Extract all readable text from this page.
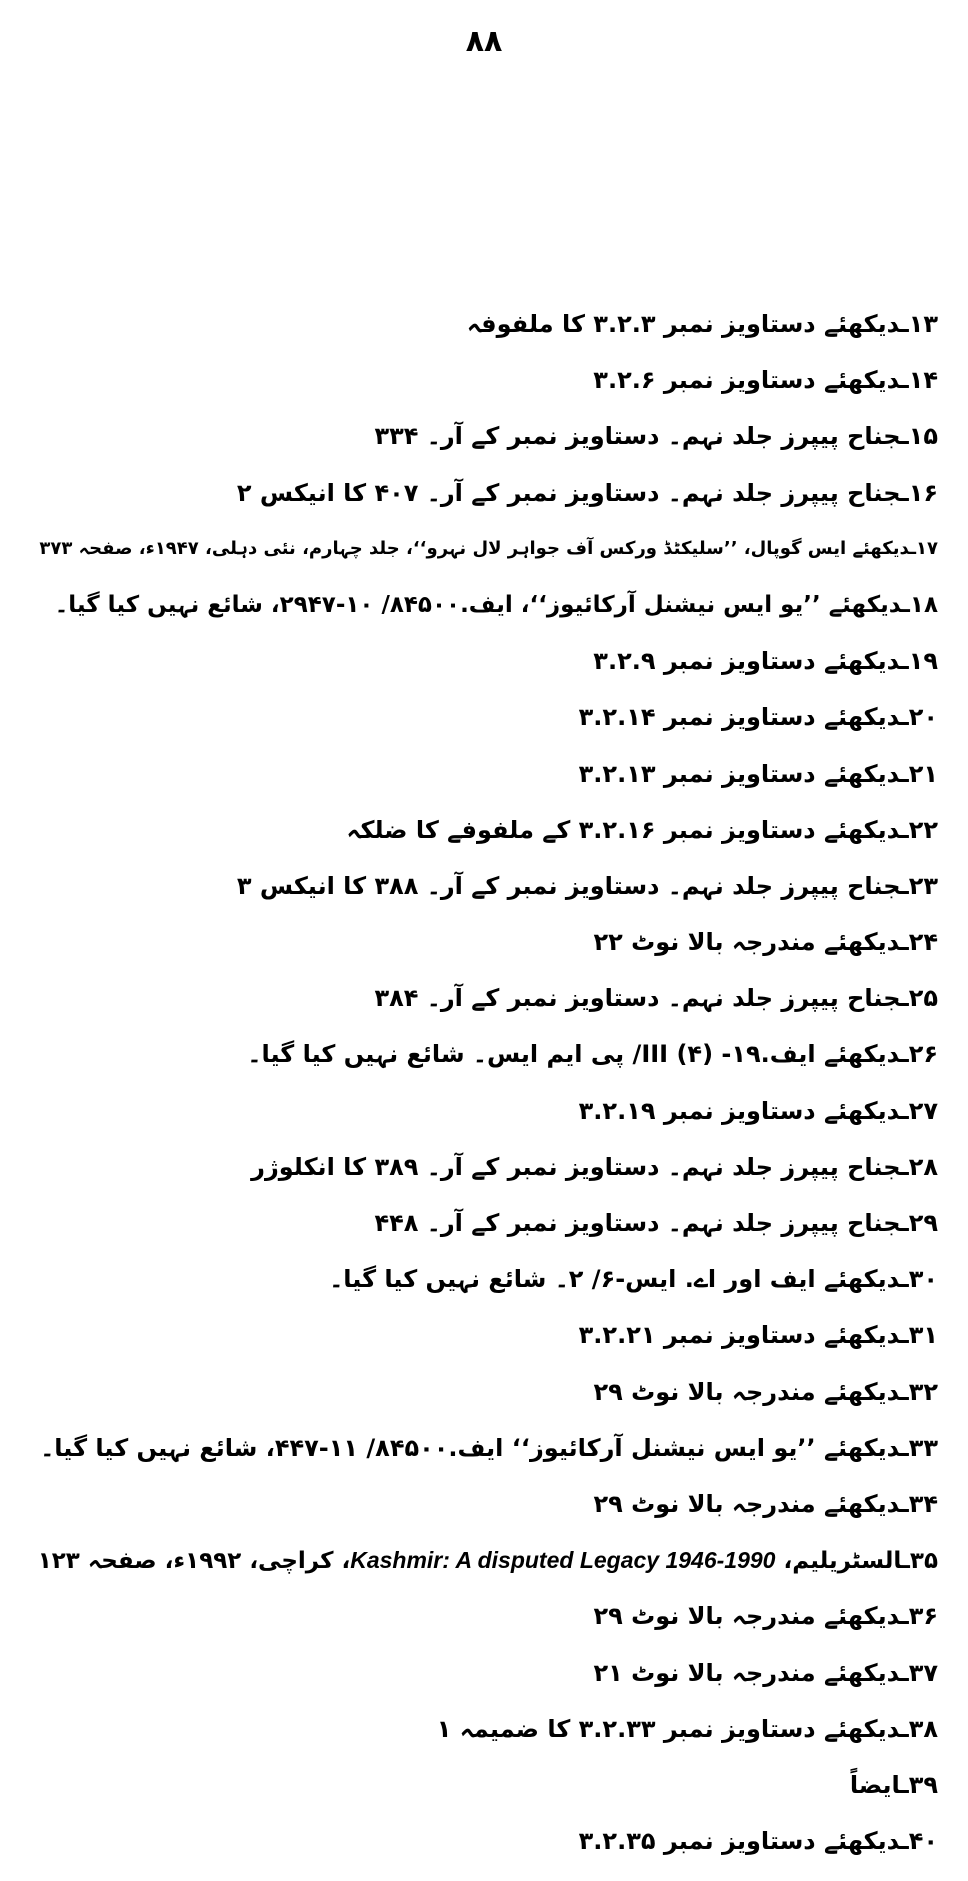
٨٨
۱۳ـدیکھئے دستاویز نمبر ۳.۲.۳ کا ملفوفہ
۱۴ـدیکھئے دستاویز نمبر ۳.۲.۶
۱۵ـجناح پیپرز جلد نہم۔ دستاویز نمبر کے آر۔ ۳۳۴
۱۶ـجناح پیپرز جلد نہم۔ دستاویز نمبر کے آر۔ ۴۰۷ کا انیکس ۲
۱۷ـدیکھئے ایس گوپال، ’’سلیکٹڈ ورکس آف جواہر لال نہرو‘‘، جلد چہارم، نئی دہلی، ۱۹۴۷ء، صفحہ ۳۷۳
۱۸ـدیکھئے ’’یو ایس نیشنل آرکائیوز‘‘، ایف.۸۴۵۰۰/ ۱۰-۲۹۴۷، شائع نہیں کیا گیا۔
۱۹ـدیکھئے دستاویز نمبر ۳.۲.۹
۲۰ـدیکھئے دستاویز نمبر ۳.۲.۱۴
۲۱ـدیکھئے دستاویز نمبر ۳.۲.۱۳
۲۲ـدیکھئے دستاویز نمبر ۳.۲.۱۶ کے ملفوفے کا ضلکہ
۲۳ـجناح پیپرز جلد نہم۔ دستاویز نمبر کے آر۔ ۳۸۸ کا انیکس ۳
۲۴ـدیکھئے مندرجہ بالا نوٹ ۲۲
۲۵ـجناح پیپرز جلد نہم۔ دستاویز نمبر کے آر۔ ۳۸۴
۲۶ـدیکھئے ایف.۱۹- III (۴)/ پی ایم ایس۔ شائع نہیں کیا گیا۔
۲۷ـدیکھئے دستاویز نمبر ۳.۲.۱۹
۲۸ـجناح پیپرز جلد نہم۔ دستاویز نمبر کے آر۔ ۳۸۹ کا انکلوژر
۲۹ـجناح پیپرز جلد نہم۔ دستاویز نمبر کے آر۔ ۴۴۸
۳۰ـدیکھئے ایف اور اے. ایس-۶/ ۲۔ شائع نہیں کیا گیا۔
۳۱ـدیکھئے دستاویز نمبر ۳.۲.۲۱
۳۲ـدیکھئے مندرجہ بالا نوٹ ۲۹
۳۳ـدیکھئے ’’یو ایس نیشنل آرکائیوز‘‘ ایف.۸۴۵۰۰/ ۱۱-۴۴۷، شائع نہیں کیا گیا۔
۳۴ـدیکھئے مندرجہ بالا نوٹ ۲۹
۳۵ـالسٹریلیم، Kashmir: A disputed Legacy 1946-1990، کراچی، ۱۹۹۲ء، صفحہ ۱۲۳
۳۶ـدیکھئے مندرجہ بالا نوٹ ۲۹
۳۷ـدیکھئے مندرجہ بالا نوٹ ۲۱
۳۸ـدیکھئے دستاویز نمبر ۳.۲.۳۳ کا ضمیمہ ۱
۳۹ـایضاً
۴۰ـدیکھئے دستاویز نمبر ۳.۲.۳۵
